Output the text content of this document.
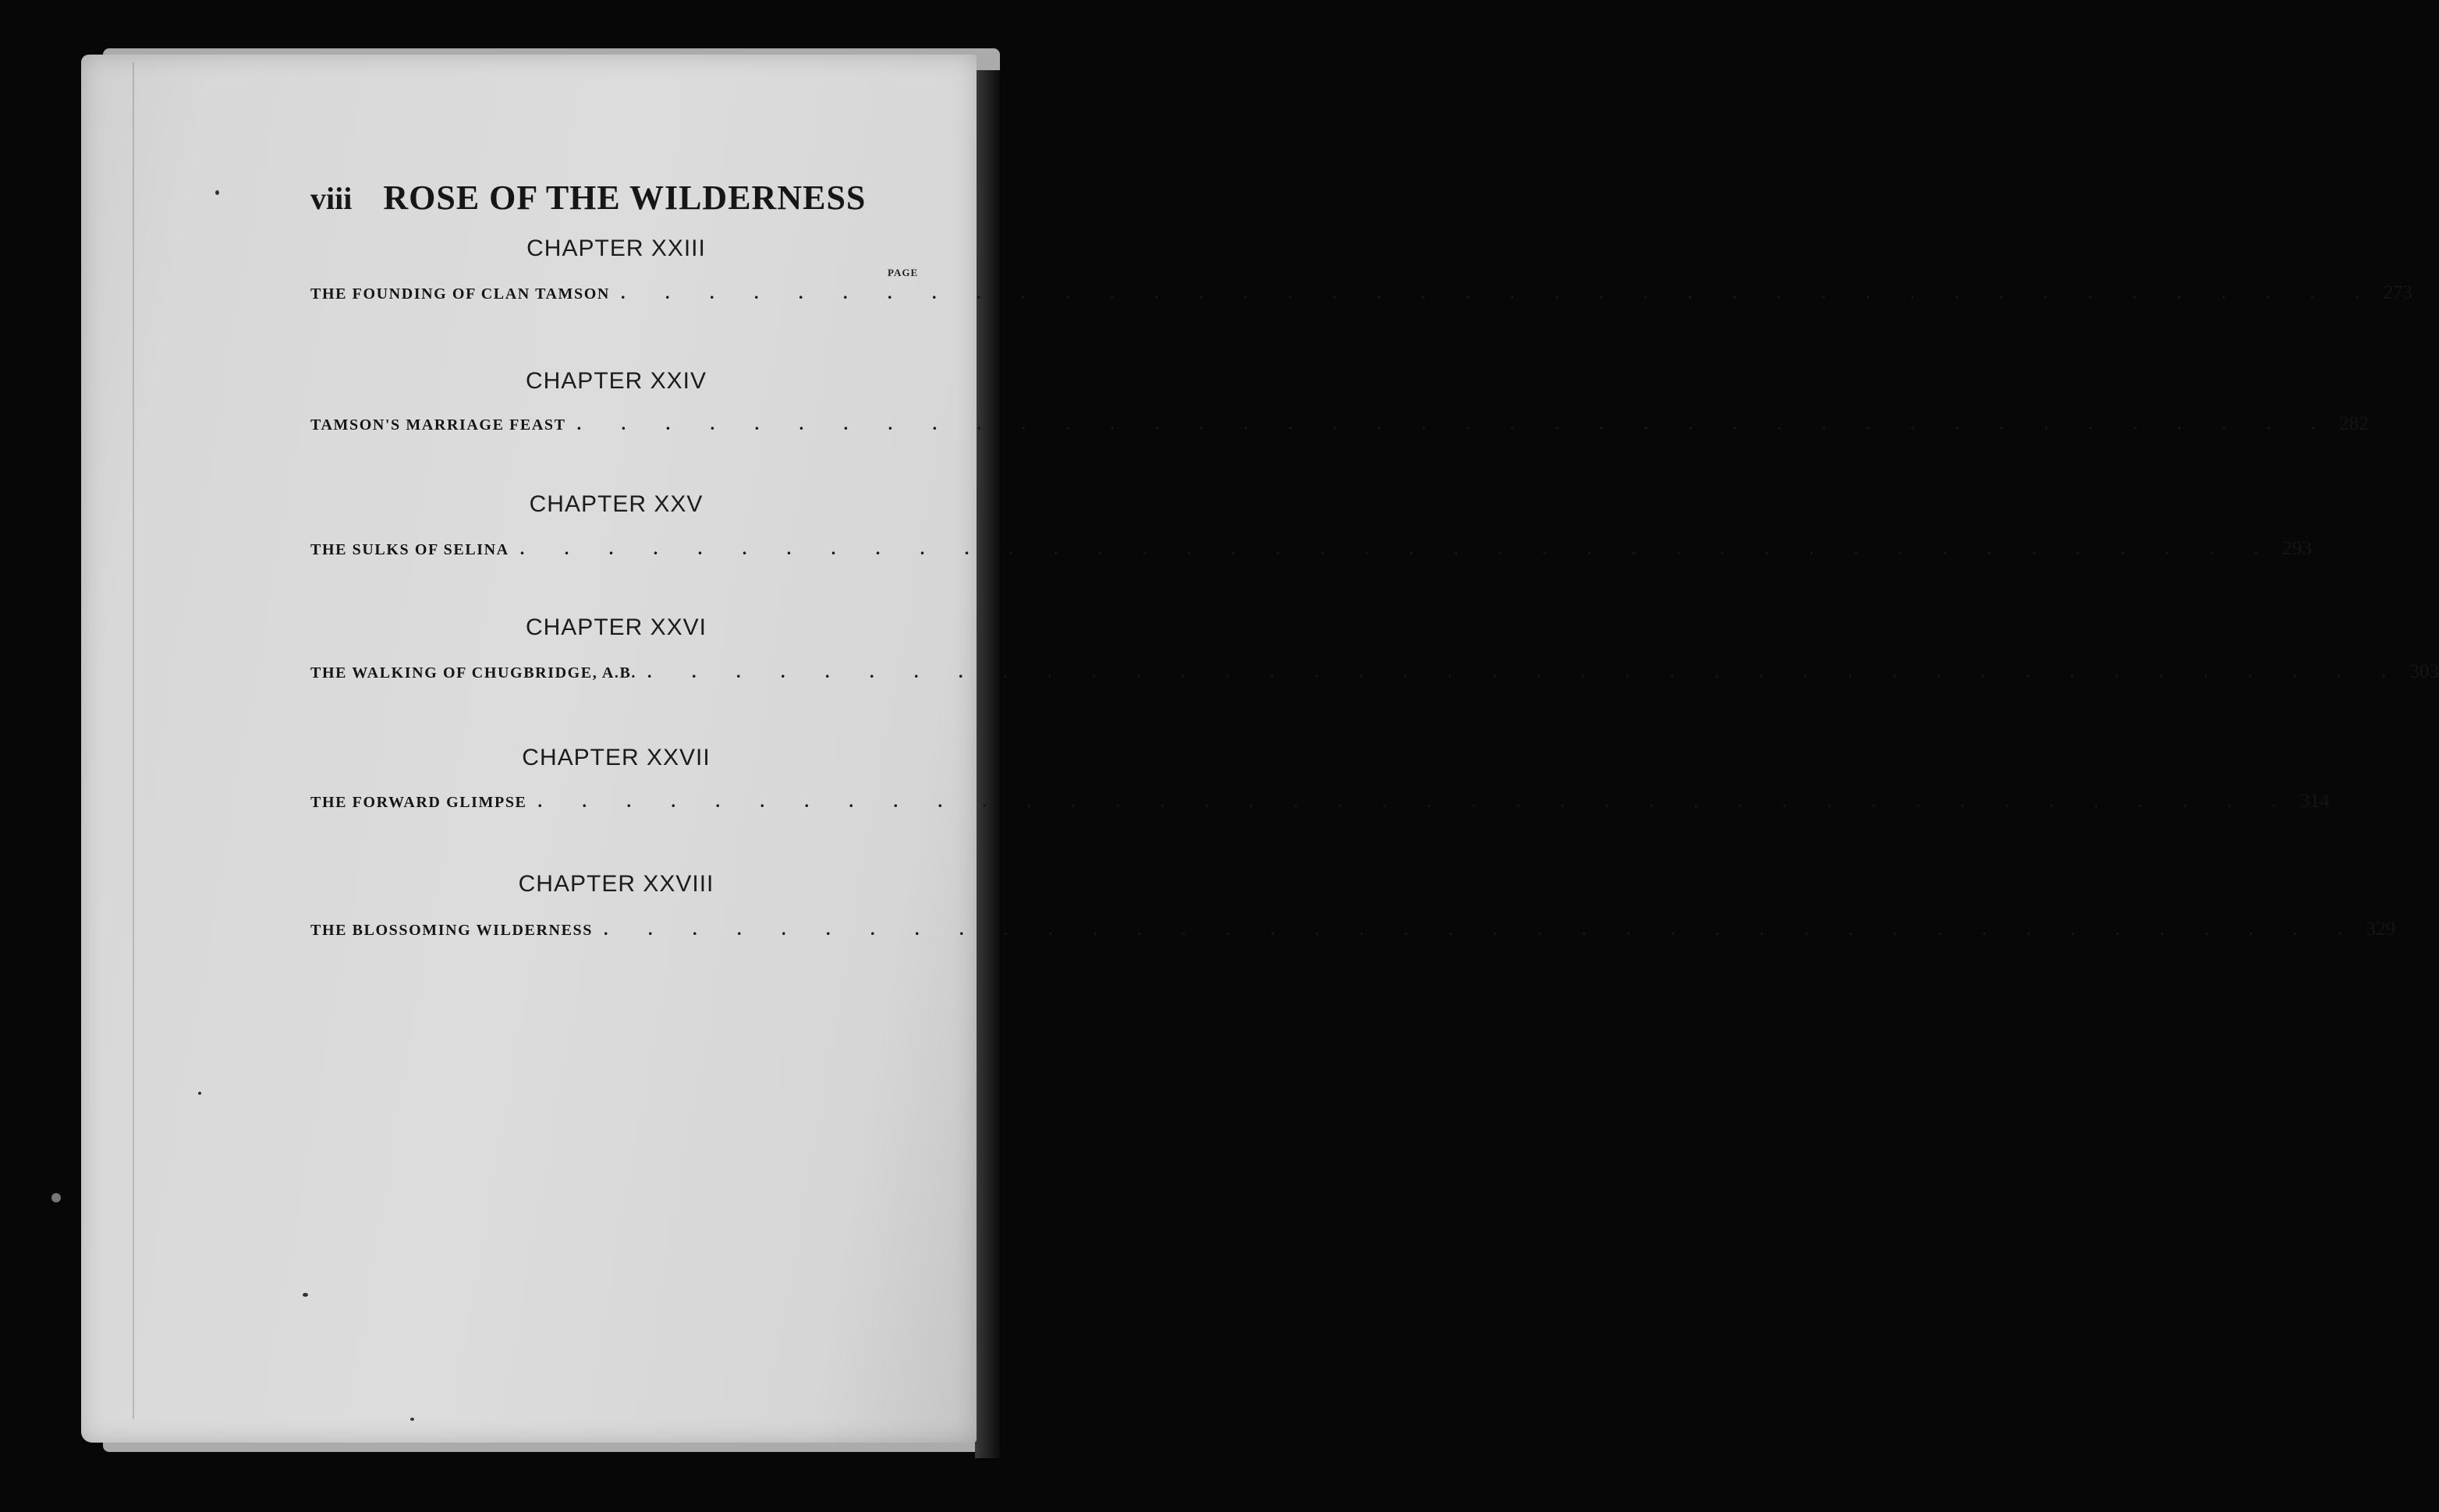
viii ROSE OF THE WILDERNESS
PAGE
CHAPTER XXIII
THE FOUNDING OF CLAN TAMSON . . . . . . . . . . . . . . . . . . . . . . . . . . . . . . . . . . . . . . . . 273
CHAPTER XXIV
TAMSON'S MARRIAGE FEAST . . . . . . . . . . . . . . . . . . . . . . . . . . . . . . . . . . . . . . . . 282
CHAPTER XXV
THE SULKS OF SELINA . . . . . . . . . . . . . . . . . . . . . . . . . . . . . . . . . . . . . . . . 293
CHAPTER XXVI
THE WALKING OF CHUGBRIDGE, A.B. . . . . . . . . . . . . . . . . . . . . . . . . . . . . . . . . . . . . . . . . 303
CHAPTER XXVII
THE FORWARD GLIMPSE . . . . . . . . . . . . . . . . . . . . . . . . . . . . . . . . . . . . . . . . 314
CHAPTER XXVIII
THE BLOSSOMING WILDERNESS . . . . . . . . . . . . . . . . . . . . . . . . . . . . . . . . . . . . . . . . 329
